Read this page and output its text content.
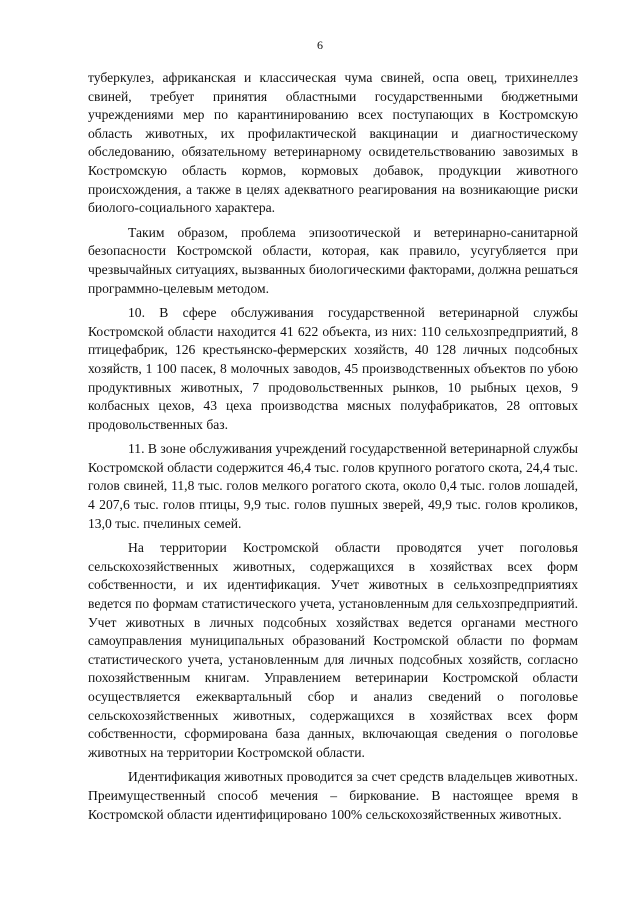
6

туберкулез, африканская и классическая чума свиней, оспа овец, трихинеллез свиней, требует принятия областными государственными бюджетными учреждениями мер по карантинированию всех поступающих в Костромскую область животных, их профилактической вакцинации и диагностическому обследованию, обязательному ветеринарному освидетельствованию завозимых в Костромскую область кормов, кормовых добавок, продукции животного происхождения, а также в целях адекватного реагирования на возникающие риски биолого-социального характера.

Таким образом, проблема эпизоотической и ветеринарно-санитарной безопасности Костромской области, которая, как правило, усугубляется при чрезвычайных ситуациях, вызванных биологическими факторами, должна решаться программно-целевым методом.

10. В сфере обслуживания государственной ветеринарной службы Костромской области находится 41 622 объекта, из них: 110 сельхозпредприятий, 8 птицефабрик, 126 крестьянско-фермерских хозяйств, 40 128 личных подсобных хозяйств, 1 100 пасек, 8 молочных заводов, 45 производственных объектов по убою продуктивных животных, 7 продовольственных рынков, 10 рыбных цехов, 9 колбасных цехов, 43 цеха производства мясных полуфабрикатов, 28 оптовых продовольственных баз.

11. В зоне обслуживания учреждений государственной ветеринарной службы Костромской области содержится 46,4 тыс. голов крупного рогатого скота, 24,4 тыс. голов свиней, 11,8 тыс. голов мелкого рогатого скота, около 0,4 тыс. голов лошадей, 4 207,6 тыс. голов птицы, 9,9 тыс. голов пушных зверей, 49,9 тыс. голов кроликов, 13,0 тыс. пчелиных семей.

На территории Костромской области проводятся учет поголовья сельскохозяйственных животных, содержащихся в хозяйствах всех форм собственности, и их идентификация. Учет животных в сельхозпредприятиях ведется по формам статистического учета, установленным для сельхозпредприятий. Учет животных в личных подсобных хозяйствах ведется органами местного самоуправления муниципальных образований Костромской области по формам статистического учета, установленным для личных подсобных хозяйств, согласно похозяйственным книгам. Управлением ветеринарии Костромской области осуществляется ежеквартальный сбор и анализ сведений о поголовье сельскохозяйственных животных, содержащихся в хозяйствах всех форм собственности, сформирована база данных, включающая сведения о поголовье животных на территории Костромской области.

Идентификация животных проводится за счет средств владельцев животных. Преимущественный способ мечения – биркование. В настоящее время в Костромской области идентифицировано 100% сельскохозяйственных животных.
